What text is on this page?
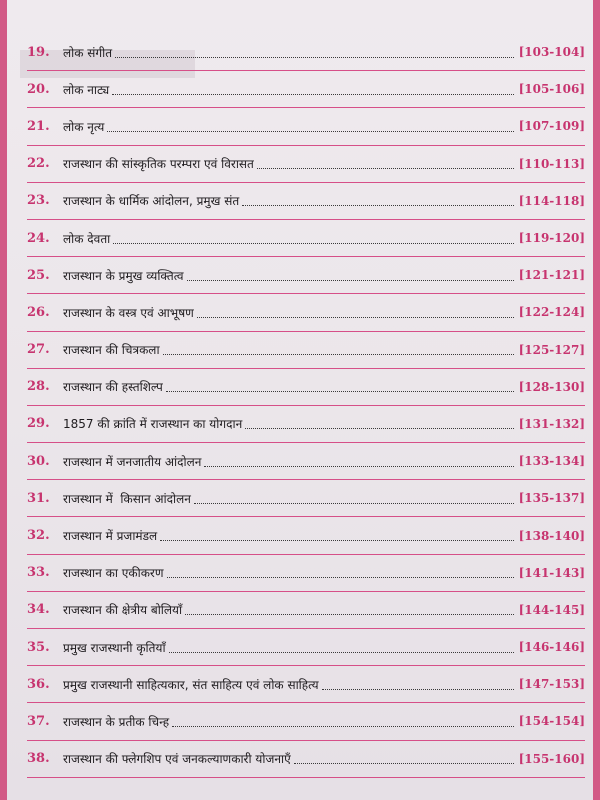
19.	लोक संगीत	[103-104]
20.	लोक नाट्य	[105-106]
21.	लोक नृत्य	[107-109]
22.	राजस्थान की सांस्कृतिक परम्परा एवं विरासत	[110-113]
23.	राजस्थान के धार्मिक आंदोलन, प्रमुख संत	[114-118]
24.	लोक देवता	[119-120]
25.	राजस्थान के प्रमुख व्यक्तित्व	[121-121]
26.	राजस्थान के वस्त्र एवं आभूषण	[122-124]
27.	राजस्थान की चित्रकला	[125-127]
28.	राजस्थान की हस्तशिल्प	[128-130]
29.	1857 की क्रांति में राजस्थान का योगदान	[131-132]
30.	राजस्थान में जनजातीय आंदोलन	[133-134]
31.	राजस्थान में  किसान आंदोलन	[135-137]
32.	राजस्थान में प्रजामंडल	[138-140]
33.	राजस्थान का एकीकरण	[141-143]
34.	राजस्थान की क्षेत्रीय बोलियाँ	[144-145]
35.	प्रमुख राजस्थानी कृतियाँ	[146-146]
36.	प्रमुख राजस्थानी साहित्यकार, संत साहित्य एवं लोक साहित्य	[147-153]
37.	राजस्थान के प्रतीक चिन्ह	[154-154]
38.	राजस्थान की फ्लेगशिप एवं जनकल्याणकारी योजनाएँ	[155-160]
